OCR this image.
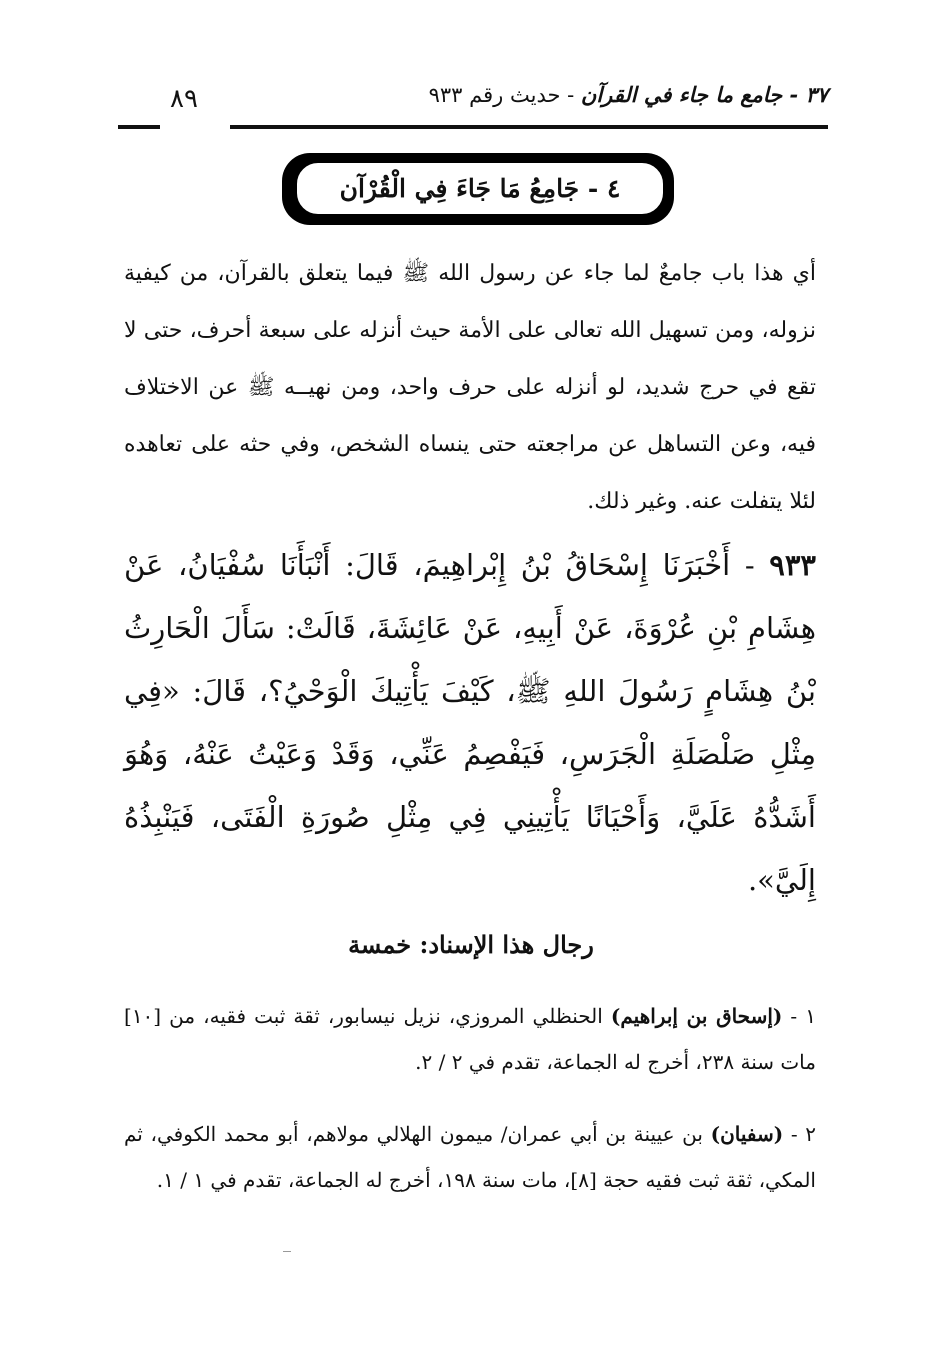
٣٧ - جامع ما جاء في القرآن - حديث رقم ٩٣٣
٨٩
٤ - جَامِعُ مَا جَاءَ فِي الْقُرْآن

أي هذا باب جامعٌ لما جاء عن رسول الله ﷺ فيما يتعلق بالقرآن، من كيفية نزوله، ومن تسهيل الله تعالى على الأمة حيث أنزله على سبعة أحرف، حتى لا تقع في حرج شديد، لو أنزله على حرف واحد، ومن نهيــه ﷺ عن الاختلاف فيه، وعن التساهل عن مراجعته حتى ينساه الشخص، وفي حثه على تعاهده لئلا يتفلت عنه. وغير ذلك.

٩٣٣ - أَخْبَرَنَا إِسْحَاقُ بْنُ إِبْراهِيمَ، قَالَ: أَنْبَأَنَا سُفْيَانُ، عَنْ هِشَامِ بْنِ عُرْوَةَ، عَنْ أَبِيهِ، عَنْ عَائِشَةَ، قَالَتْ: سَأَلَ الْحَارِثُ بْنُ هِشَامٍ رَسُولَ اللهِ ﷺ، كَيْفَ يَأْتِيكَ الْوَحْيُ؟، قَالَ: «فِي مِثْلِ صَلْصَلَةِ الْجَرَسِ، فَيَفْصِمُ عَنِّي، وَقَدْ وَعَيْتُ عَنْهُ، وَهُوَ أَشَدُّهُ عَلَيَّ، وَأَحْيَانًا يَأْتِينِي فِي مِثْلِ صُورَةِ الْفَتَى، فَيَنْبِذُهُ إِلَيَّ».

رجال هذا الإسناد: خمسة

١ - (إسحاق بن إبراهيم) الحنظلي المروزي، نزيل نيسابور، ثقة ثبت فقيه، من [١٠] مات سنة ٢٣٨، أخرج له الجماعة، تقدم في ٢ / ٢.

٢ - (سفيان) بن عيينة بن أبي عمران/ ميمون الهلالي مولاهم، أبو محمد الكوفي، ثم المكي، ثقة ثبت فقيه حجة [٨]، مات سنة ١٩٨، أخرج له الجماعة، تقدم في ١ / ١.
